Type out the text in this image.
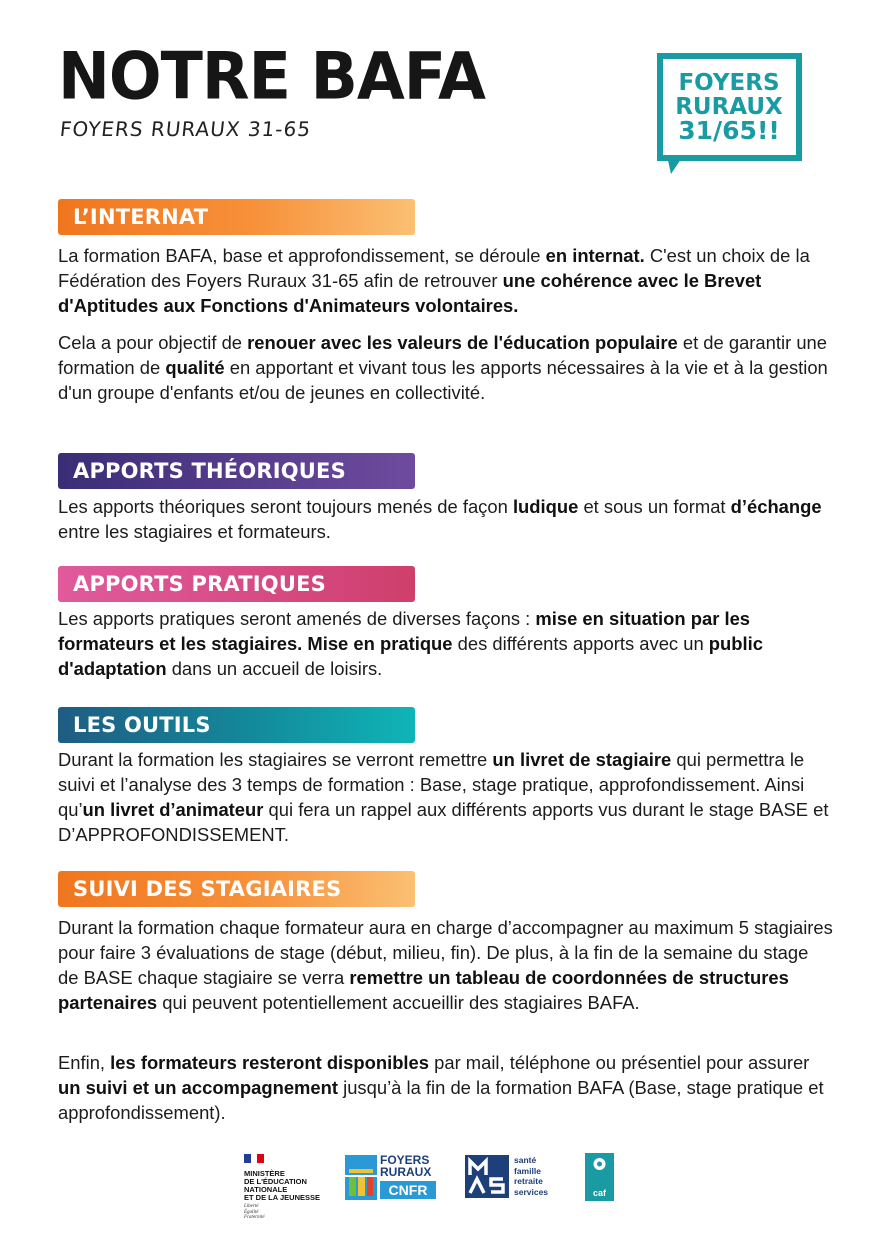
NOTRE BAFA
FOYERS RURAUX 31-65
FOYERS
RURAUX
31/65!!
L’INTERNAT

La formation BAFA, base et approfondissement, se déroule en internat. C'est un choix de la Fédération des Foyers Ruraux 31-65 afin de retrouver une cohérence avec le Brevet d'Aptitudes aux Fonctions d'Animateurs volontaires.

Cela a pour objectif de renouer avec les valeurs de l'éducation populaire et de garantir une formation de qualité en apportant et vivant tous les apports nécessaires à la vie et à la gestion d'un groupe d'enfants et/ou de jeunes en collectivité.

APPORTS THÉORIQUES

Les apports théoriques seront toujours menés de façon ludique et sous un format d’échange entre les stagiaires et formateurs.

APPORTS PRATIQUES

Les apports pratiques seront amenés de diverses façons : mise en situation par les formateurs et les stagiaires. Mise en pratique des différents apports avec un public d'adaptation dans un accueil de loisirs.

LES OUTILS

Durant la formation les stagiaires se verront remettre un livret de stagiaire qui permettra le suivi et l’analyse des 3 temps de formation : Base, stage pratique, approfondissement. Ainsi qu’un livret d’animateur qui fera un rappel aux différents apports vus durant le stage BASE et D’APPROFONDISSEMENT.

SUIVI DES STAGIAIRES

Durant la formation chaque formateur aura en charge d’accompagner au maximum 5 stagiaires pour faire 3 évaluations de stage (début, milieu, fin). De plus, à la fin de la semaine du stage de BASE chaque stagiaire se verra remettre un tableau de coordonnées de structures partenaires qui peuvent potentiellement accueillir des stagiaires BAFA.

Enfin, les formateurs resteront disponibles par mail, téléphone ou présentiel pour assurer un suivi et un accompagnement jusqu’à la fin de la formation BAFA (Base, stage pratique et approfondissement).

MINISTÈRE
DE L'ÉDUCATION
NATIONALE
ET DE LA JEUNESSE
Liberté
Égalité
Fraternité
FOYERS
RURAUX
CNFR
santé
famille
retraite
services	caf
